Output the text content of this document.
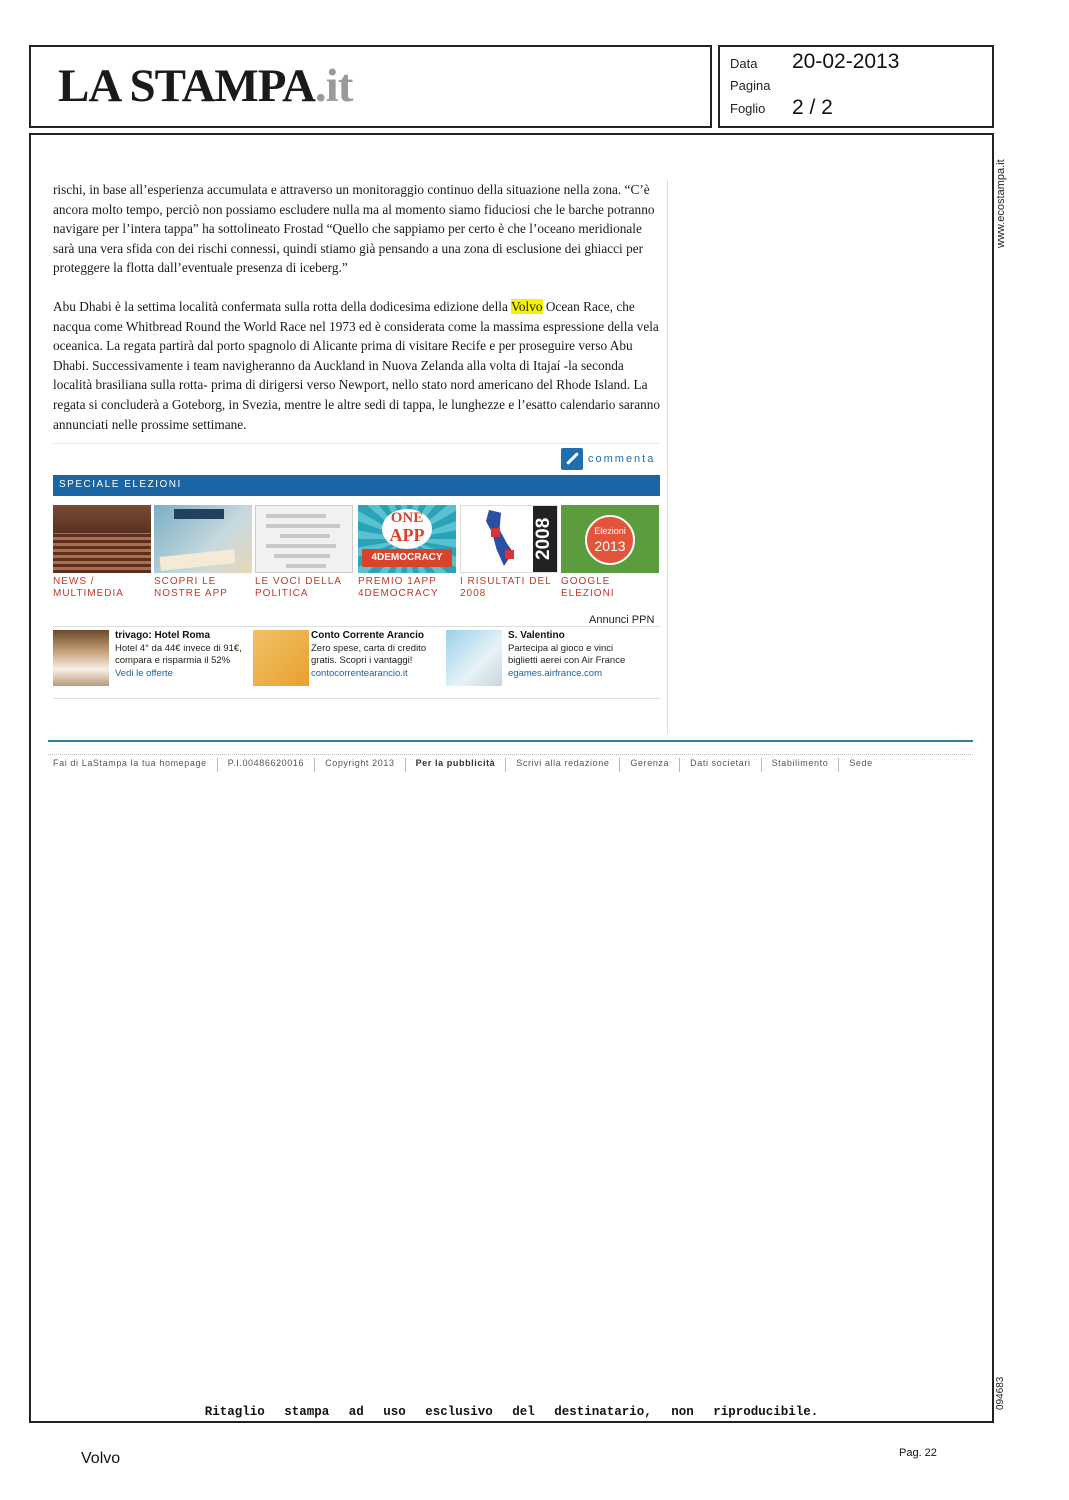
LA STAMPA.it	Data 20-02-2013
Pagina
Foglio 2 / 2
www.ecostampa.it
094683

rischi, in base all’esperienza accumulata e attraverso un monitoraggio continuo della situazione nella zona. “C’è ancora molto tempo, perciò non possiamo escludere nulla ma al momento siamo fiduciosi che le barche potranno navigare per l’intera tappa” ha sottolineato Frostad “Quello che sappiamo per certo è che l’oceano meridionale sarà una vera sfida con dei rischi connessi, quindi stiamo già pensando a una zona di esclusione dei ghiacci per proteggere la flotta dall’eventuale presenza di iceberg.”

Abu Dhabi è la settima località confermata sulla rotta della dodicesima edizione della Volvo Ocean Race, che nacqua come Whitbread Round the World Race nel 1973 ed è considerata come la massima espressione della vela oceanica. La regata partirà dal porto spagnolo di Alicante prima di visitare Recife e per proseguire verso Abu Dhabi. Successivamente i team navigheranno da Auckland in Nuova Zelanda alla volta di Itajaí -la seconda località brasiliana sulla rotta- prima di dirigersi verso Newport, nello stato nord americano del Rhode Island. La regata si concluderà a Goteborg, in Svezia, mentre le altre sedi di tappa, le lunghezze e l’esatto calendario saranno annunciati nelle prossime settimane.

commenta
SPECIALE ELEZIONI
NEWS / MULTIMEDIA
SCOPRI LE NOSTRE APP
LE VOCI DELLA POLITICA
ONE
APP
4DEMOCRACY
PREMIO 1APP 4DEMOCRACY
2008
I RISULTATI DEL 2008
Elezioni
2013
GOOGLE ELEZIONI
Annunci PPN
trivago: Hotel Roma
Hotel 4° da 44€ invece di 91€, compara e risparmia il 52%
Vedi le offerte
Conto Corrente Arancio
Zero spese, carta di credito gratis. Scopri i vantaggi!
contocorrentearancio.it
S. Valentino
Partecipa al gioco e vinci biglietti aerei con Air France
egames.airfrance.com
Fai di LaStampa la tua homepage	P.I.00486620016	Copyright 2013	Per la pubblicità	Scrivi alla redazione	Gerenza	Dati societari	Stabilimento	Sede
Ritaglio stampa ad uso esclusivo del destinatario, non riproducibile.
Volvo	Pag. 22
